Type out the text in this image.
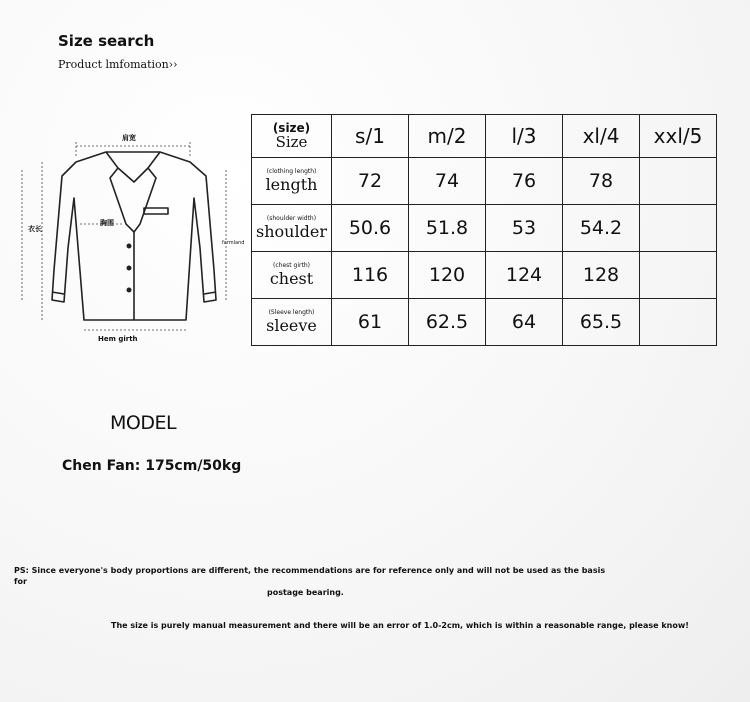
Size search
Product lmfomation››
肩宽
衣长
胸围
Hem girth
farmland
(size)
Size	s/1	m/2	l/3	xl/4	xxl/5

(clothing length)
length	72	74	76	78	

(shoulder width)
shoulder	50.6	51.8	53	54.2	

(chest girth)
chest	116	120	124	128	

(Sleeve length)
sleeve	61	62.5	64	65.5	
MODEL
Chen Fan: 175cm/50kg
PS: Since everyone's body proportions are different, the recommendations are for reference only and will not be used as the basis for
postage bearing.
The size is purely manual measurement and there will be an error of 1.0-2cm, which is within a reasonable range, please know!
